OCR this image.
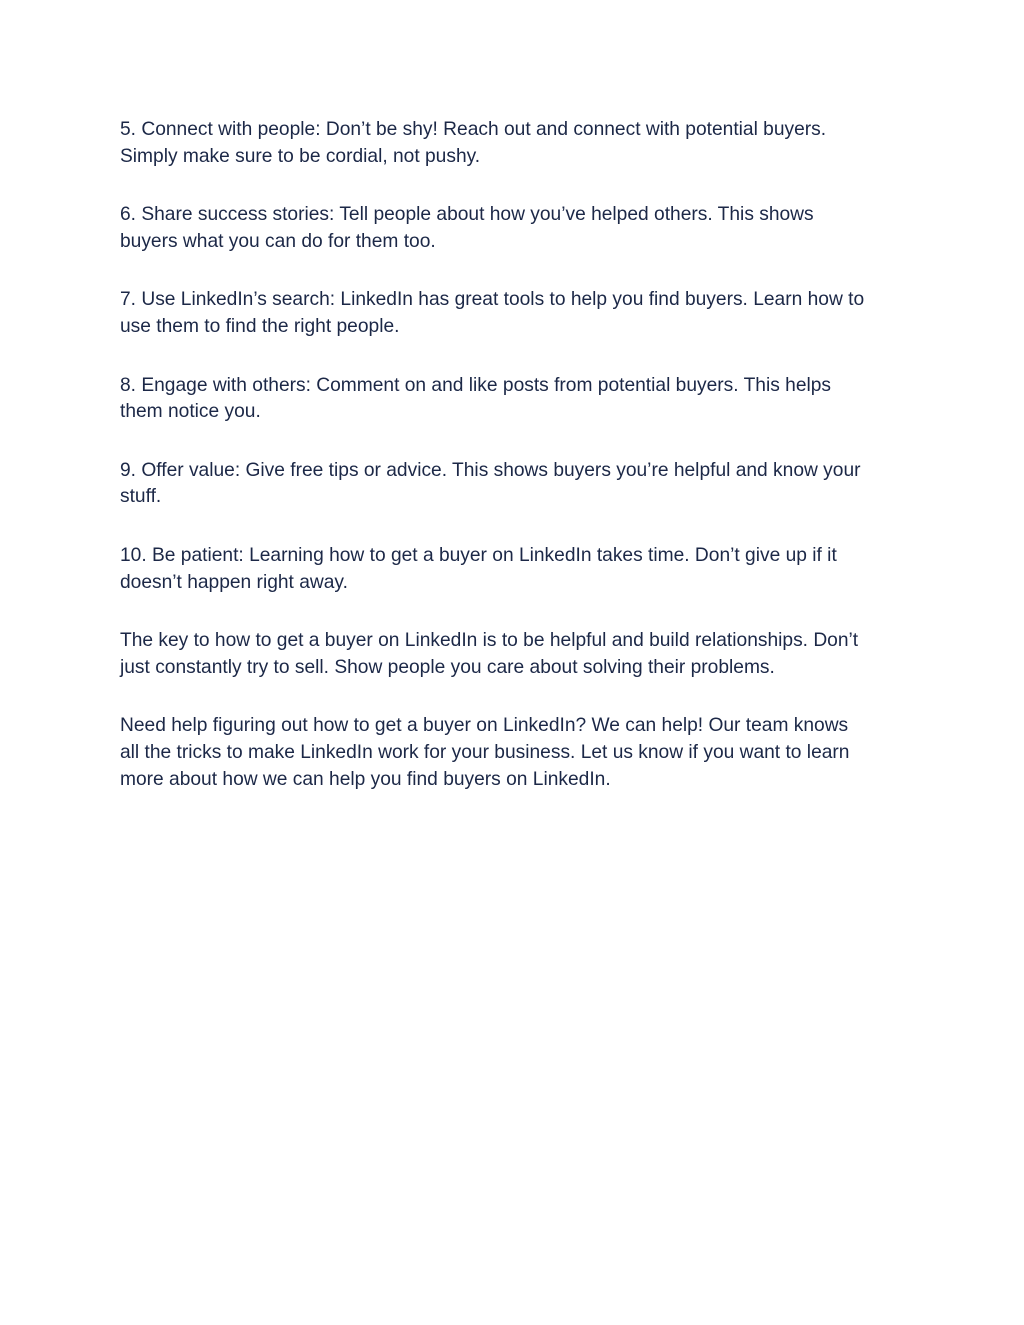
5. Connect with people: Don’t be shy! Reach out and connect with potential buyers.
Simply make sure to be cordial, not pushy.

6. Share success stories: Tell people about how you’ve helped others. This shows
buyers what you can do for them too.

7. Use LinkedIn’s search: LinkedIn has great tools to help you find buyers. Learn how to
use them to find the right people.

8. Engage with others: Comment on and like posts from potential buyers. This helps
them notice you.

9. Offer value: Give free tips or advice. This shows buyers you’re helpful and know your
stuff.

10. Be patient: Learning how to get a buyer on LinkedIn takes time. Don’t give up if it
doesn’t happen right away.

The key to how to get a buyer on LinkedIn is to be helpful and build relationships. Don’t
just constantly try to sell. Show people you care about solving their problems.

Need help figuring out how to get a buyer on LinkedIn? We can help! Our team knows
all the tricks to make LinkedIn work for your business. Let us know if you want to learn
more about how we can help you find buyers on LinkedIn.
